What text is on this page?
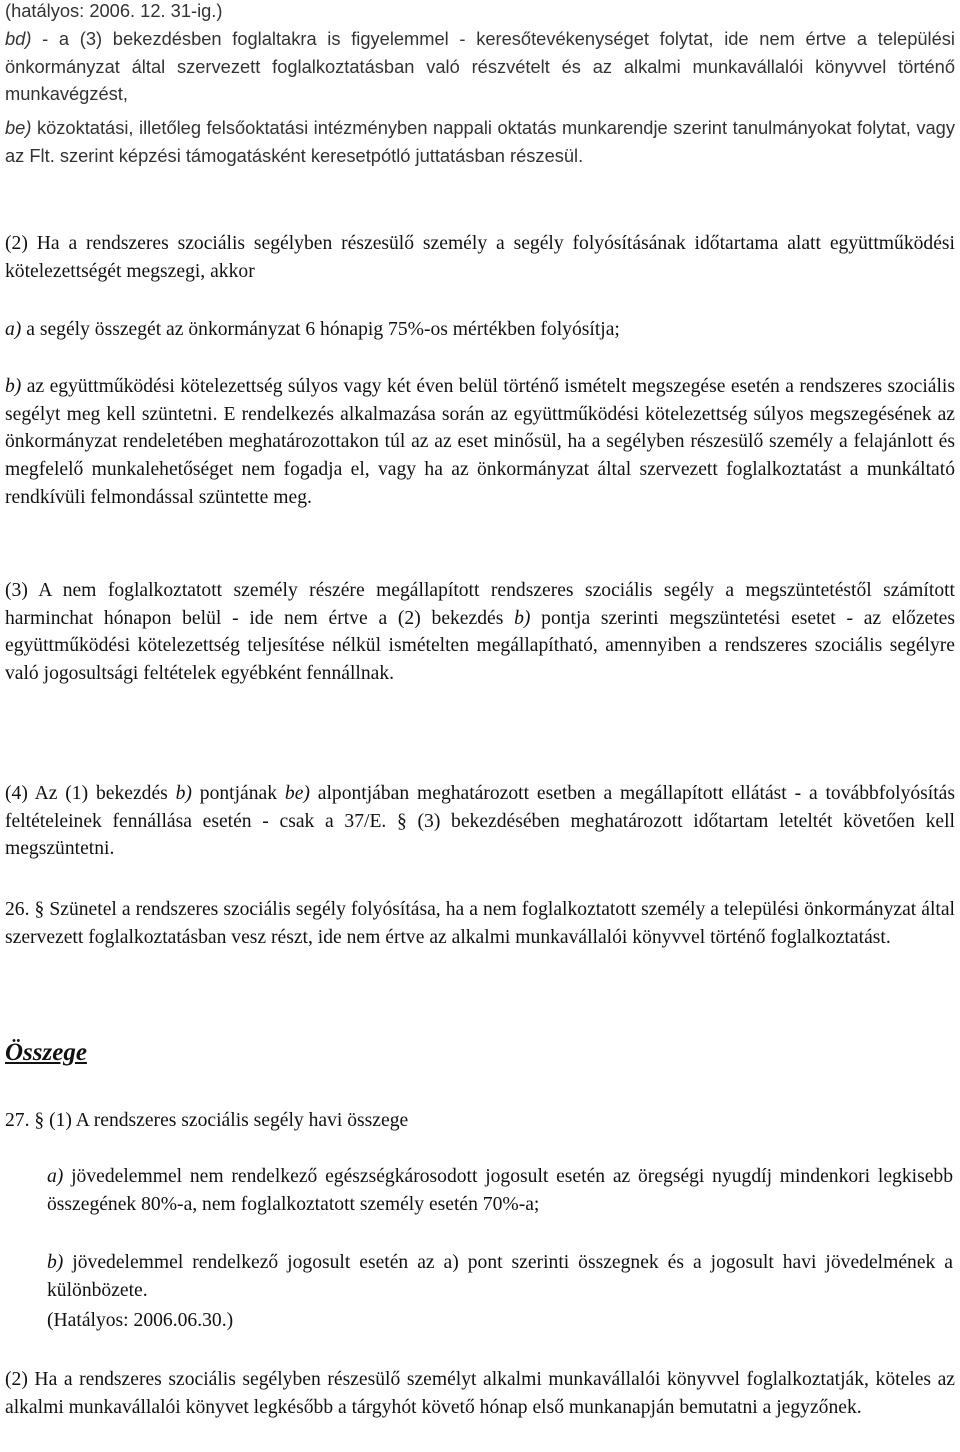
(hatályos: 2006. 12. 31-ig.)
bd) - a (3) bekezdésben foglaltakra is figyelemmel - keresőtevékenységet folytat, ide nem értve a települési önkormányzat által szervezett foglalkoztatásban való részvételt és az alkalmi munkavállalói könyvvel történő munkavégzést,
be) közoktatási, illetőleg felsőoktatási intézményben nappali oktatás munkarendje szerint tanulmányokat folytat, vagy az Flt. szerint képzési támogatásként keresetpótló juttatásban részesül.
(2) Ha a rendszeres szociális segélyben részesülő személy a segély folyósításának időtartama alatt együttműködési kötelezettségét megszegi, akkor
a) a segély összegét az önkormányzat 6 hónapig 75%-os mértékben folyósítja;
b) az együttműködési kötelezettség súlyos vagy két éven belül történő ismételt megszegése esetén a rendszeres szociális segélyt meg kell szüntetni. E rendelkezés alkalmazása során az együttműködési kötelezettség súlyos megszegésének az önkormányzat rendeletében meghatározottakon túl az az eset minősül, ha a segélyben részesülő személy a felajánlott és megfelelő munkalehetőséget nem fogadja el, vagy ha az önkormányzat által szervezett foglalkoztatást a munkáltató rendkívüli felmondással szüntette meg.
(3) A nem foglalkoztatott személy részére megállapított rendszeres szociális segély a megszüntetéstől számított harminchat hónapon belül - ide nem értve a (2) bekezdés b) pontja szerinti megszüntetési esetet - az előzetes együttműködési kötelezettség teljesítése nélkül ismételten megállapítható, amennyiben a rendszeres szociális segélyre való jogosultsági feltételek egyébként fennállnak.
(4) Az (1) bekezdés b) pontjának be) alpontjában meghatározott esetben a megállapított ellátást - a továbbfolyósítás feltételeinek fennállása esetén - csak a 37/E. § (3) bekezdésében meghatározott időtartam leteltét követően kell megszüntetni.
26. § Szünetel a rendszeres szociális segély folyósítása, ha a nem foglalkoztatott személy a települési önkormányzat által szervezett foglalkoztatásban vesz részt, ide nem értve az alkalmi munkavállalói könyvvel történő foglalkoztatást.
Összege
27. § (1) A rendszeres szociális segély havi összege
a) jövedelemmel nem rendelkező egészségkárosodott jogosult esetén az öregségi nyugdíj mindenkori legkisebb összegének 80%-a, nem foglalkoztatott személy esetén 70%-a;
b) jövedelemmel rendelkező jogosult esetén az a) pont szerinti összegnek és a jogosult havi jövedelmének a különbözete.
(Hatályos: 2006.06.30.)
(2) Ha a rendszeres szociális segélyben részesülő személyt alkalmi munkavállalói könyvvel foglalkoztatják, köteles az alkalmi munkavállalói könyvet legkésőbb a tárgyhót követő hónap első munkanapján bemutatni a jegyzőnek.
